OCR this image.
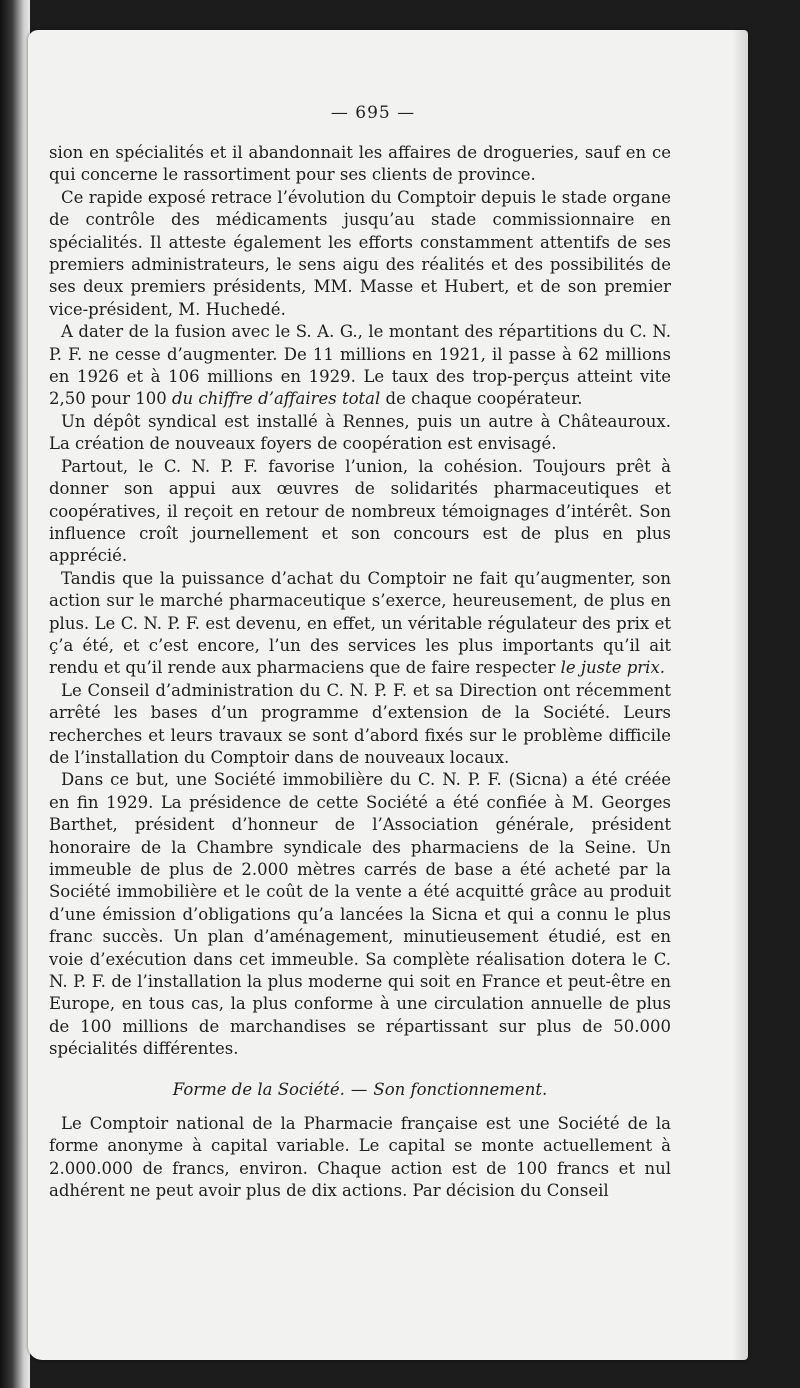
— 695 —

sion en spécialités et il abandonnait les affaires de drogueries, sauf en ce qui concerne le rassortiment pour ses clients de province.

Ce rapide exposé retrace l’évolution du Comptoir depuis le stade organe de contrôle des médicaments jusqu’au stade commissionnaire en spécialités. Il atteste également les efforts constamment attentifs de ses premiers administrateurs, le sens aigu des réalités et des possibilités de ses deux premiers présidents, MM. Masse et Hubert, et de son premier vice-président, M. Huchedé.

A dater de la fusion avec le S. A. G., le montant des répartitions du C. N. P. F. ne cesse d’augmenter. De 11 millions en 1921, il passe à 62 millions en 1926 et à 106 millions en 1929. Le taux des trop-perçus atteint vite 2,50 pour 100 du chiffre d’affaires total de chaque coopérateur.

Un dépôt syndical est installé à Rennes, puis un autre à Châteauroux. La création de nouveaux foyers de coopération est envisagé.

Partout, le C. N. P. F. favorise l’union, la cohésion. Toujours prêt à donner son appui aux œuvres de solidarités pharmaceutiques et coopératives, il reçoit en retour de nombreux témoignages d’intérêt. Son influence croît journellement et son concours est de plus en plus apprécié.

Tandis que la puissance d’achat du Comptoir ne fait qu’augmenter, son action sur le marché pharmaceutique s’exerce, heureusement, de plus en plus. Le C. N. P. F. est devenu, en effet, un véritable régulateur des prix et ç’a été, et c’est encore, l’un des services les plus importants qu’il ait rendu et qu’il rende aux pharmaciens que de faire respecter le juste prix.

Le Conseil d’administration du C. N. P. F. et sa Direction ont récemment arrêté les bases d’un programme d’extension de la Société. Leurs recherches et leurs travaux se sont d’abord fixés sur le problème difficile de l’installation du Comptoir dans de nouveaux locaux.

Dans ce but, une Société immobilière du C. N. P. F. (Sicna) a été créée en fin 1929. La présidence de cette Société a été confiée à M. Georges Barthet, président d’honneur de l’Association générale, président honoraire de la Chambre syndicale des pharmaciens de la Seine. Un immeuble de plus de 2.000 mètres carrés de base a été acheté par la Société immobilière et le coût de la vente a été acquitté grâce au produit d’une émission d’obligations qu’a lancées la Sicna et qui a connu le plus franc succès. Un plan d’aménagement, minutieusement étudié, est en voie d’exécution dans cet immeuble. Sa complète réalisation dotera le C. N. P. F. de l’installation la plus moderne qui soit en France et peut-être en Europe, en tous cas, la plus conforme à une circulation annuelle de plus de 100 millions de marchandises se répartissant sur plus de 50.000 spécialités différentes.

Forme de la Société. — Son fonctionnement.

Le Comptoir national de la Pharmacie française est une Société de la forme anonyme à capital variable. Le capital se monte actuellement à 2.000.000 de francs, environ. Chaque action est de 100 francs et nul adhérent ne peut avoir plus de dix actions. Par décision du Conseil
